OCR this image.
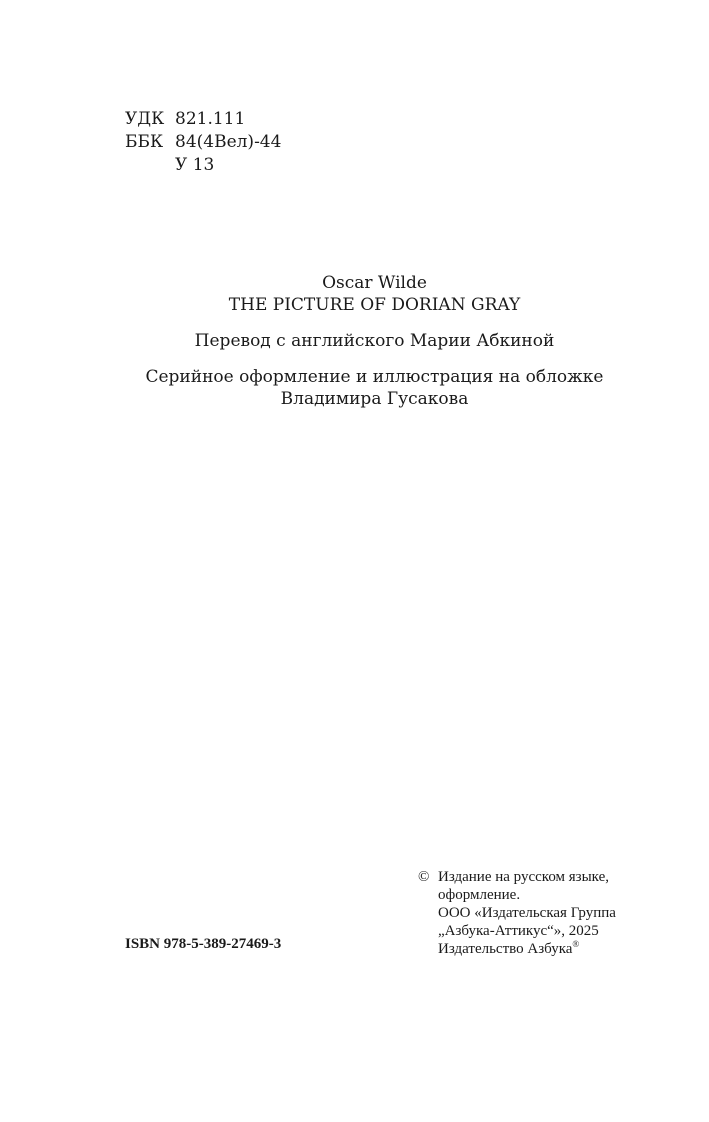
УДК 821.111
ББК 84(4Вел)-44
У 13

Oscar Wilde

THE PICTURE OF DORIAN GRAY

Перевод с английского Марии Абкиной

Серийное оформление и иллюстрация на обложке

Владимира Гусакова

© Издание на русском языке,
оформление.
ООО «Издательская Группа
„Азбука-Аттикус“», 2025
Издательство Азбука®
ISBN 978-5-389-27469-3
